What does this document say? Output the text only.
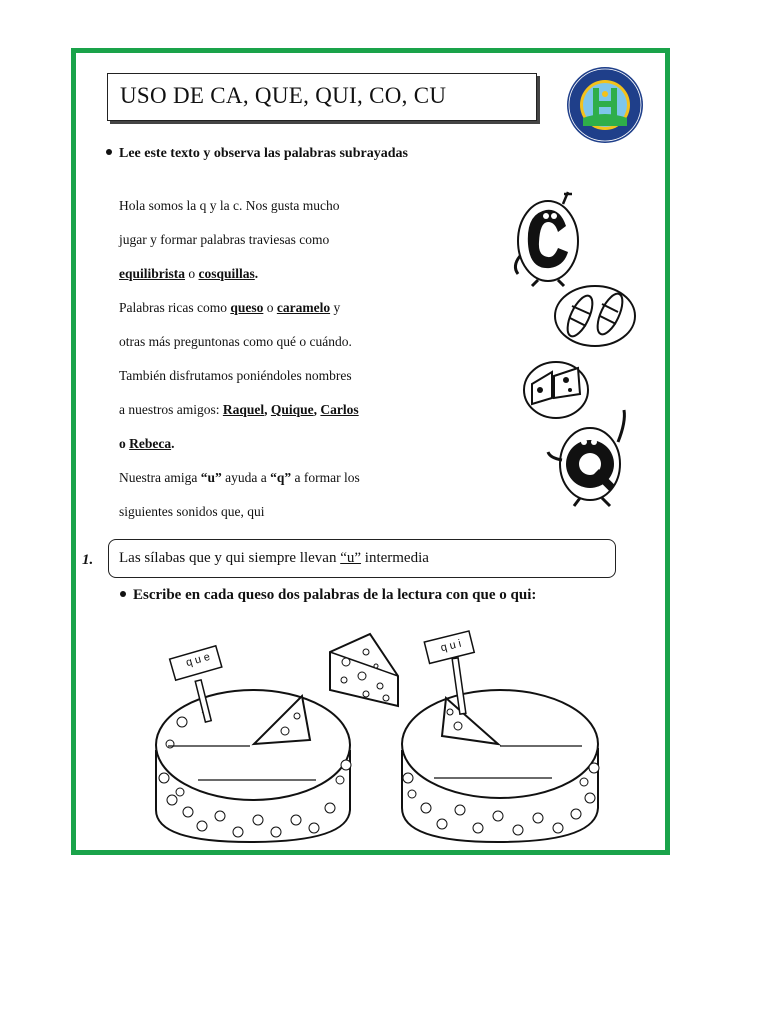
USO DE CA, QUE, QUI, CO, CU
Lee este texto y observa las palabras subrayadas
Hola somos la q y la c. Nos gusta mucho
jugar y formar palabras traviesas como
equilibrista o cosquillas.
Palabras ricas como queso o caramelo y
otras más preguntonas como qué o cuándo.
También disfrutamos poniéndoles nombres
a nuestros amigos: Raquel, Quique, Carlos
o Rebeca.
Nuestra amiga “u” ayuda a “q” a formar los
siguientes sonidos que, qui
1. Las sílabas que y qui siempre llevan “u” intermedia
Escribe en cada queso dos palabras de la lectura con que o qui:
q u e
q u i
